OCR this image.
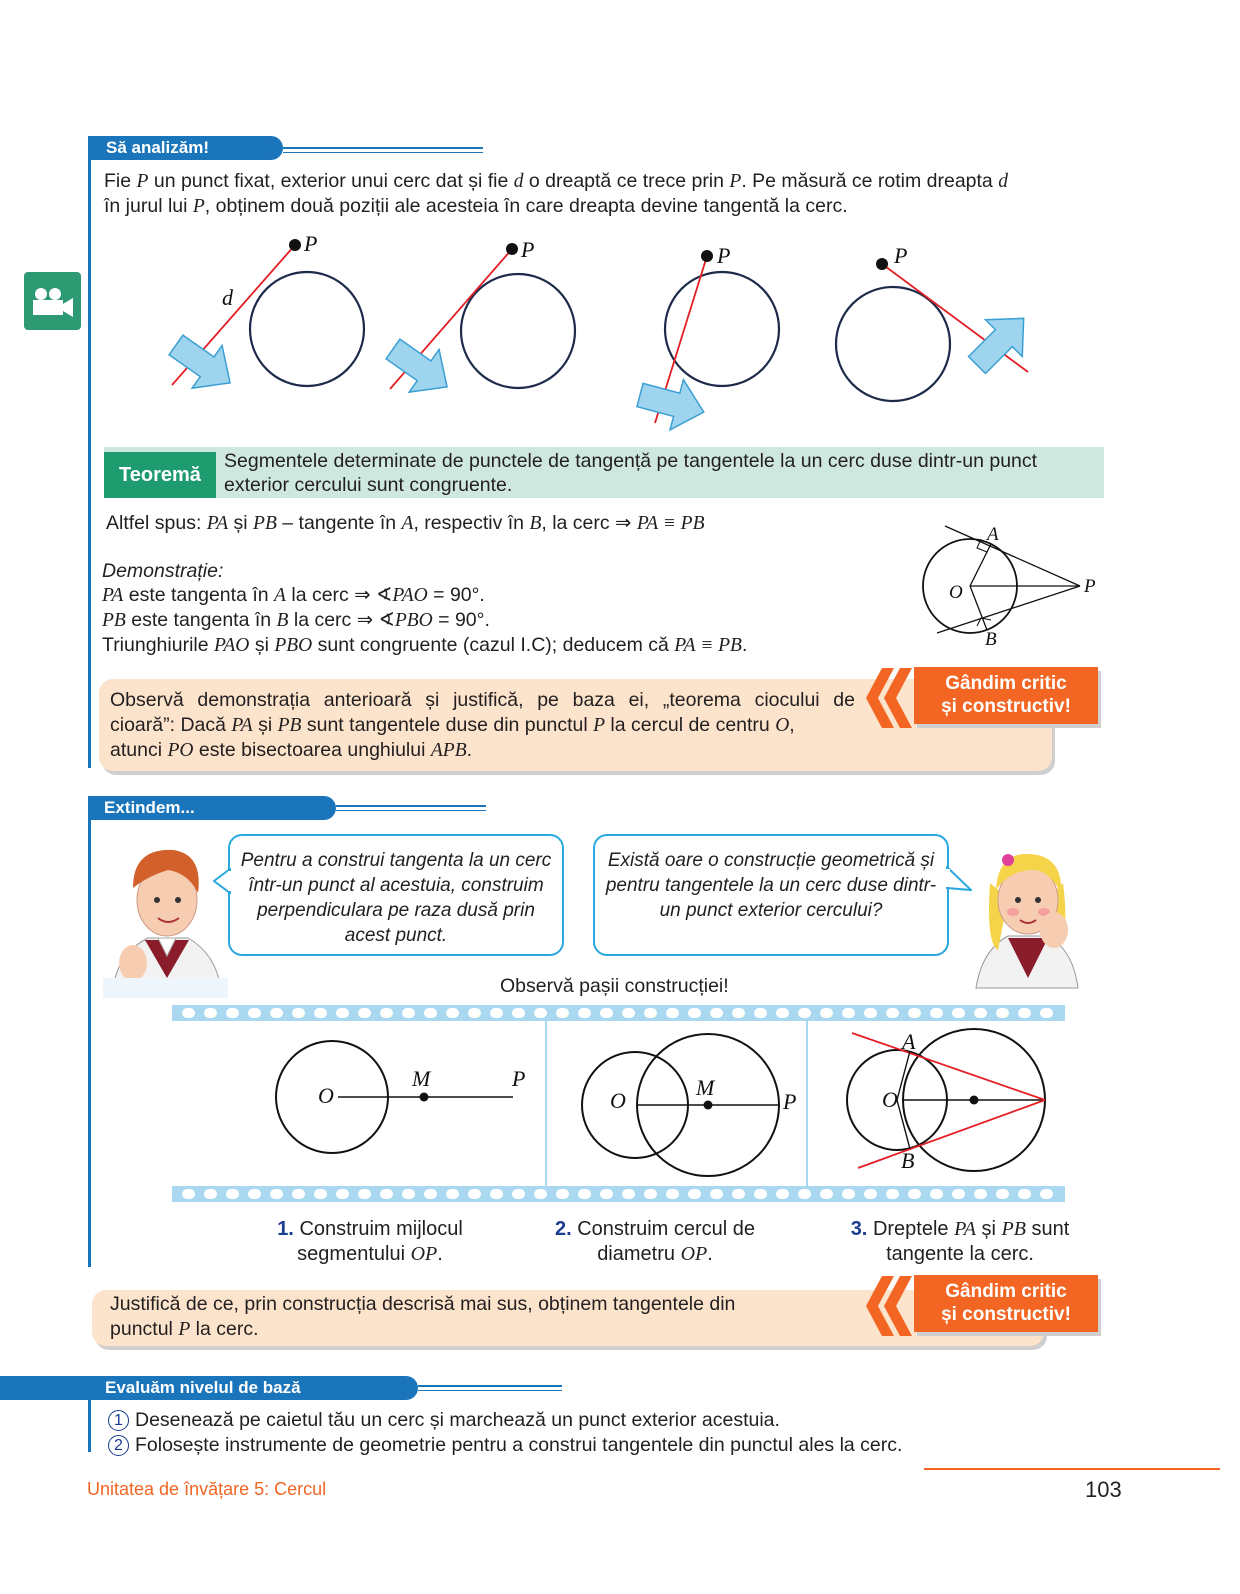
Să analizăm!
Fie P un punct fixat, exterior unui cerc dat și fie d o dreaptă ce trece prin P. Pe măsură ce rotim dreapta d
în jurul lui P, obținem două poziții ale acesteia în care dreapta devine tangentă la cerc.
P
d
P	P	P
Teoremă
Segmentele determinate de punctele de tangență pe tangentele la un cerc duse dintr-un punct exterior cercului sunt congruente.
Altfel spus: PA și PB – tangente în A, respectiv în B, la cerc ⇒ PA ≡ PB
Demonstrație:
PA este tangenta în A la cerc ⇒ ∢PAO = 90°.
PB este tangenta în B la cerc ⇒ ∢PBO = 90°.
Triunghiurile PAO și PBO sunt congruente (cazul I.C); deducem că PA ≡ PB.
A
B
O	P
Observă demonstrația anterioară și justifică, pe baza ei, „teorema ciocului de
cioară”: Dacă PA și PB sunt tangentele duse din punctul P la cercul de centru O,
atunci PO este bisectoarea unghiului APB.
Gândim critic
și constructiv!
Extindem...
Pentru a construi tangenta la un cerc într-un punct al acestuia, construim perpendiculara pe raza dusă prin acest punct.
Există oare o construcție geometrică și pentru tangentele la un cerc duse dintr-un punct exterior cercului?
Observă pașii construcției!
O
M	P
O
M
P	O
A
B
1. Construim mijlocul
segmentului OP.
2. Construim cercul de
diametru OP.
3. Dreptele PA și PB sunt
tangente la cerc.
Justifică de ce, prin construcția descrisă mai sus, obținem tangentele din
punctul P la cerc.
Gândim critic
și constructiv!
Evaluăm nivelul de bază
1 Desenează pe caietul tău un cerc și marchează un punct exterior acestuia.
2 Folosește instrumente de geometrie pentru a construi tangentele din punctul ales la cerc.
Unitatea de învățare 5: Cercul	103
